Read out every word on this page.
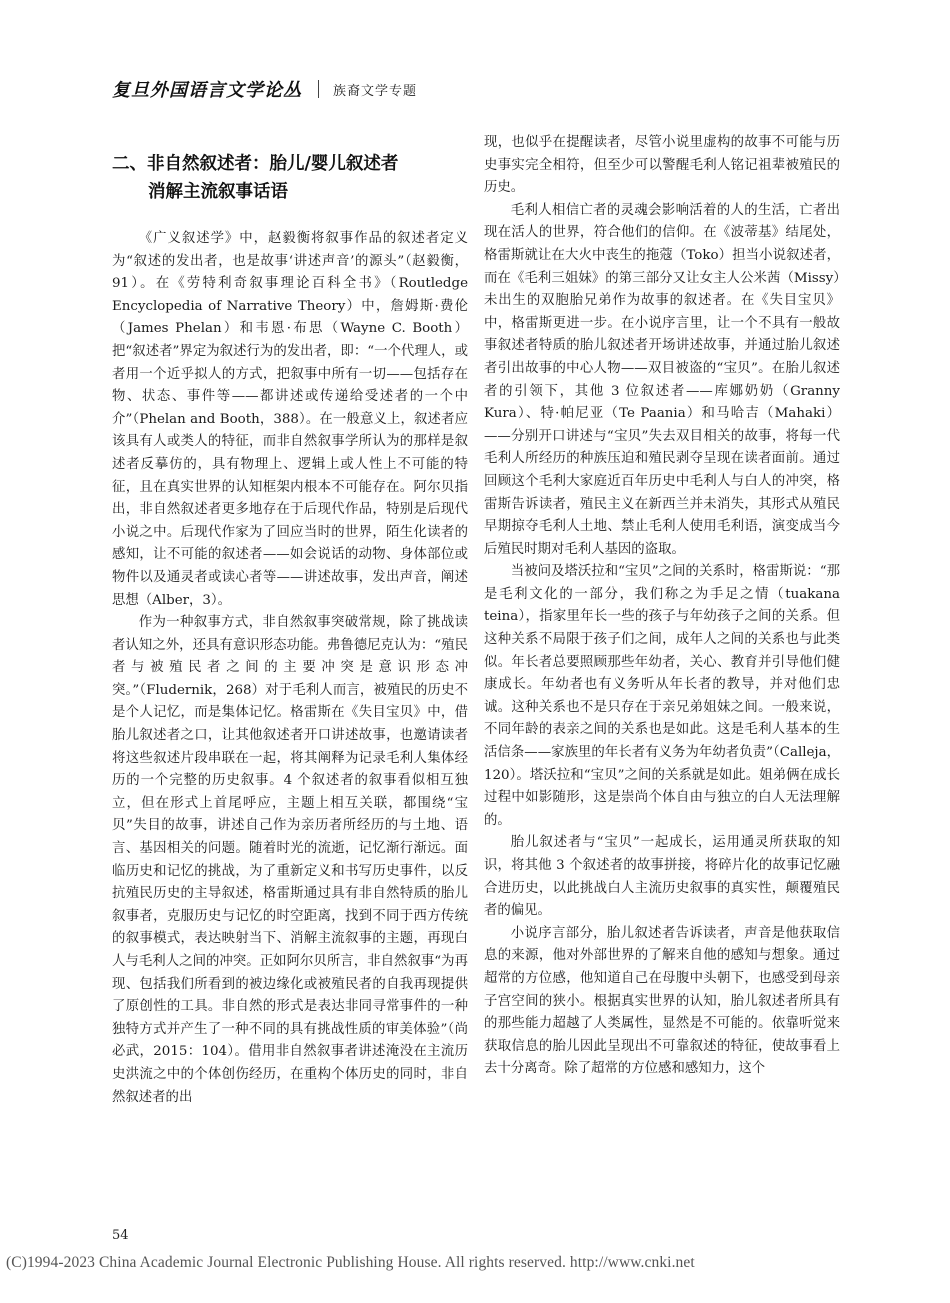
复旦外国语言文学论丛 族裔文学专题
二、非自然叙述者：胎儿/婴儿叙述者
消解主流叙事话语

《广义叙述学》中，赵毅衡将叙事作品的叙述者定义为“叙述的发出者，也是故事‘讲述声音’的源头”（赵毅衡，91）。在《劳特利奇叙事理论百科全书》（Routledge Encyclopedia of Narrative Theory）中，詹姆斯·费伦（James Phelan）和韦恩·布思（Wayne C. Booth）把“叙述者”界定为叙述行为的发出者，即：“一个代理人，或者用一个近乎拟人的方式，把叙事中所有一切——包括存在物、状态、事件等——都讲述或传递给受述者的一个中介”（Phelan and Booth，388）。在一般意义上，叙述者应该具有人或类人的特征，而非自然叙事学所认为的那样是叙述者反摹仿的，具有物理上、逻辑上或人性上不可能的特征，且在真实世界的认知框架内根本不可能存在。阿尔贝指出，非自然叙述者更多地存在于后现代作品，特别是后现代小说之中。后现代作家为了回应当时的世界，陌生化读者的感知，让不可能的叙述者——如会说话的动物、身体部位或物件以及通灵者或读心者等——讲述故事，发出声音，阐述思想（Alber，3）。

作为一种叙事方式，非自然叙事突破常规，除了挑战读者认知之外，还具有意识形态功能。弗鲁德尼克认为：“殖民者与被殖民者之间的主要冲突是意识形态冲突。”（Fludernik，268）对于毛利人而言，被殖民的历史不是个人记忆，而是集体记忆。格雷斯在《失目宝贝》中，借胎儿叙述者之口，让其他叙述者开口讲述故事，也邀请读者将这些叙述片段串联在一起，将其阐释为记录毛利人集体经历的一个完整的历史叙事。4 个叙述者的叙事看似相互独立，但在形式上首尾呼应，主题上相互关联，都围绕“宝贝”失目的故事，讲述自己作为亲历者所经历的与土地、语言、基因相关的问题。随着时光的流逝，记忆渐行渐远。面临历史和记忆的挑战，为了重新定义和书写历史事件，以反抗殖民历史的主导叙述，格雷斯通过具有非自然特质的胎儿叙事者，克服历史与记忆的时空距离，找到不同于西方传统的叙事模式，表达映射当下、消解主流叙事的主题，再现白人与毛利人之间的冲突。正如阿尔贝所言，非自然叙事“为再现、包括我们所看到的被边缘化或被殖民者的自我再现提供了原创性的工具。非自然的形式是表达非同寻常事件的一种独特方式并产生了一种不同的具有挑战性质的审美体验”（尚必武，2015：104）。借用非自然叙事者讲述淹没在主流历史洪流之中的个体创伤经历，在重构个体历史的同时，非自然叙述者的出

现，也似乎在提醒读者，尽管小说里虚构的故事不可能与历史事实完全相符，但至少可以警醒毛利人铭记祖辈被殖民的历史。

毛利人相信亡者的灵魂会影响活着的人的生活，亡者出现在活人的世界，符合他们的信仰。在《波蒂基》结尾处，格雷斯就让在大火中丧生的拖蔻（Toko）担当小说叙述者，而在《毛利三姐妹》的第三部分又让女主人公米茜（Missy）未出生的双胞胎兄弟作为故事的叙述者。在《失目宝贝》中，格雷斯更进一步。在小说序言里，让一个不具有一般故事叙述者特质的胎儿叙述者开场讲述故事，并通过胎儿叙述者引出故事的中心人物——双目被盗的“宝贝”。在胎儿叙述者的引领下，其他 3 位叙述者——库娜奶奶（Granny Kura）、特·帕尼亚（Te Paania）和马哈吉（Mahaki）——分别开口讲述与“宝贝”失去双目相关的故事，将每一代毛利人所经历的种族压迫和殖民剥夺呈现在读者面前。通过回顾这个毛利大家庭近百年历史中毛利人与白人的冲突，格雷斯告诉读者，殖民主义在新西兰并未消失，其形式从殖民早期掠夺毛利人土地、禁止毛利人使用毛利语，演变成当今后殖民时期对毛利人基因的盗取。

当被问及塔沃拉和“宝贝”之间的关系时，格雷斯说：“那是毛利文化的一部分，我们称之为手足之情（tuakana teina），指家里年长一些的孩子与年幼孩子之间的关系。但这种关系不局限于孩子们之间，成年人之间的关系也与此类似。年长者总要照顾那些年幼者，关心、教育并引导他们健康成长。年幼者也有义务听从年长者的教导，并对他们忠诚。这种关系也不是只存在于亲兄弟姐妹之间。一般来说，不同年龄的表亲之间的关系也是如此。这是毛利人基本的生活信条——家族里的年长者有义务为年幼者负责”（Calleja，120）。塔沃拉和“宝贝”之间的关系就是如此。姐弟俩在成长过程中如影随形，这是崇尚个体自由与独立的白人无法理解的。

胎儿叙述者与“宝贝”一起成长，运用通灵所获取的知识，将其他 3 个叙述者的故事拼接，将碎片化的故事记忆融合进历史，以此挑战白人主流历史叙事的真实性，颠覆殖民者的偏见。

小说序言部分，胎儿叙述者告诉读者，声音是他获取信息的来源，他对外部世界的了解来自他的感知与想象。通过超常的方位感，他知道自己在母腹中头朝下，也感受到母亲子宫空间的狭小。根据真实世界的认知，胎儿叙述者所具有的那些能力超越了人类属性，显然是不可能的。依靠听觉来获取信息的胎儿因此呈现出不可靠叙述的特征，使故事看上去十分离奇。除了超常的方位感和感知力，这个

54
(C)1994-2023 China Academic Journal Electronic Publishing House. All rights reserved. http://www.cnki.net
